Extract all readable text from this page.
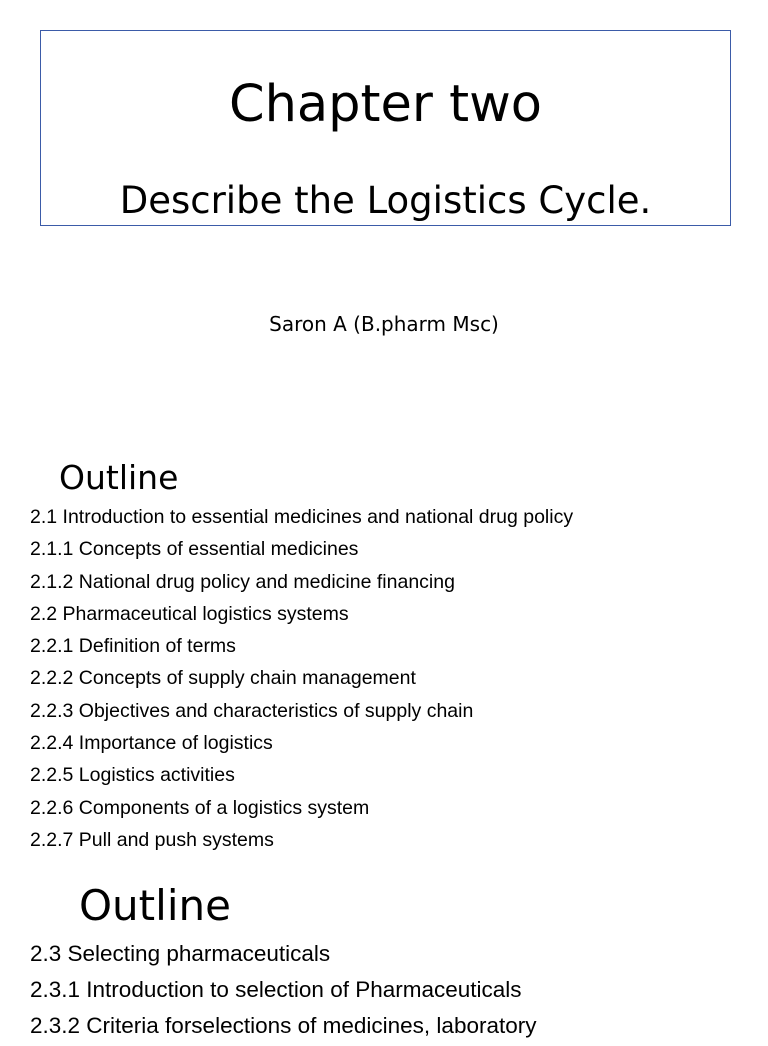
Chapter two
Describe the Logistics Cycle.
Saron A (B.pharm Msc)
Outline
2.1 Introduction to essential medicines and national drug policy
2.1.1 Concepts of essential medicines
2.1.2 National drug policy and medicine financing
2.2 Pharmaceutical logistics systems
2.2.1 Definition of terms
2.2.2 Concepts of supply chain management
2.2.3 Objectives and characteristics of supply chain
2.2.4 Importance of logistics
2.2.5 Logistics activities
2.2.6 Components of a logistics system
2.2.7 Pull and push systems
Outline
2.3 Selecting pharmaceuticals
2.3.1 Introduction to selection of Pharmaceuticals
2.3.2 Criteria forselections of medicines, laboratory
